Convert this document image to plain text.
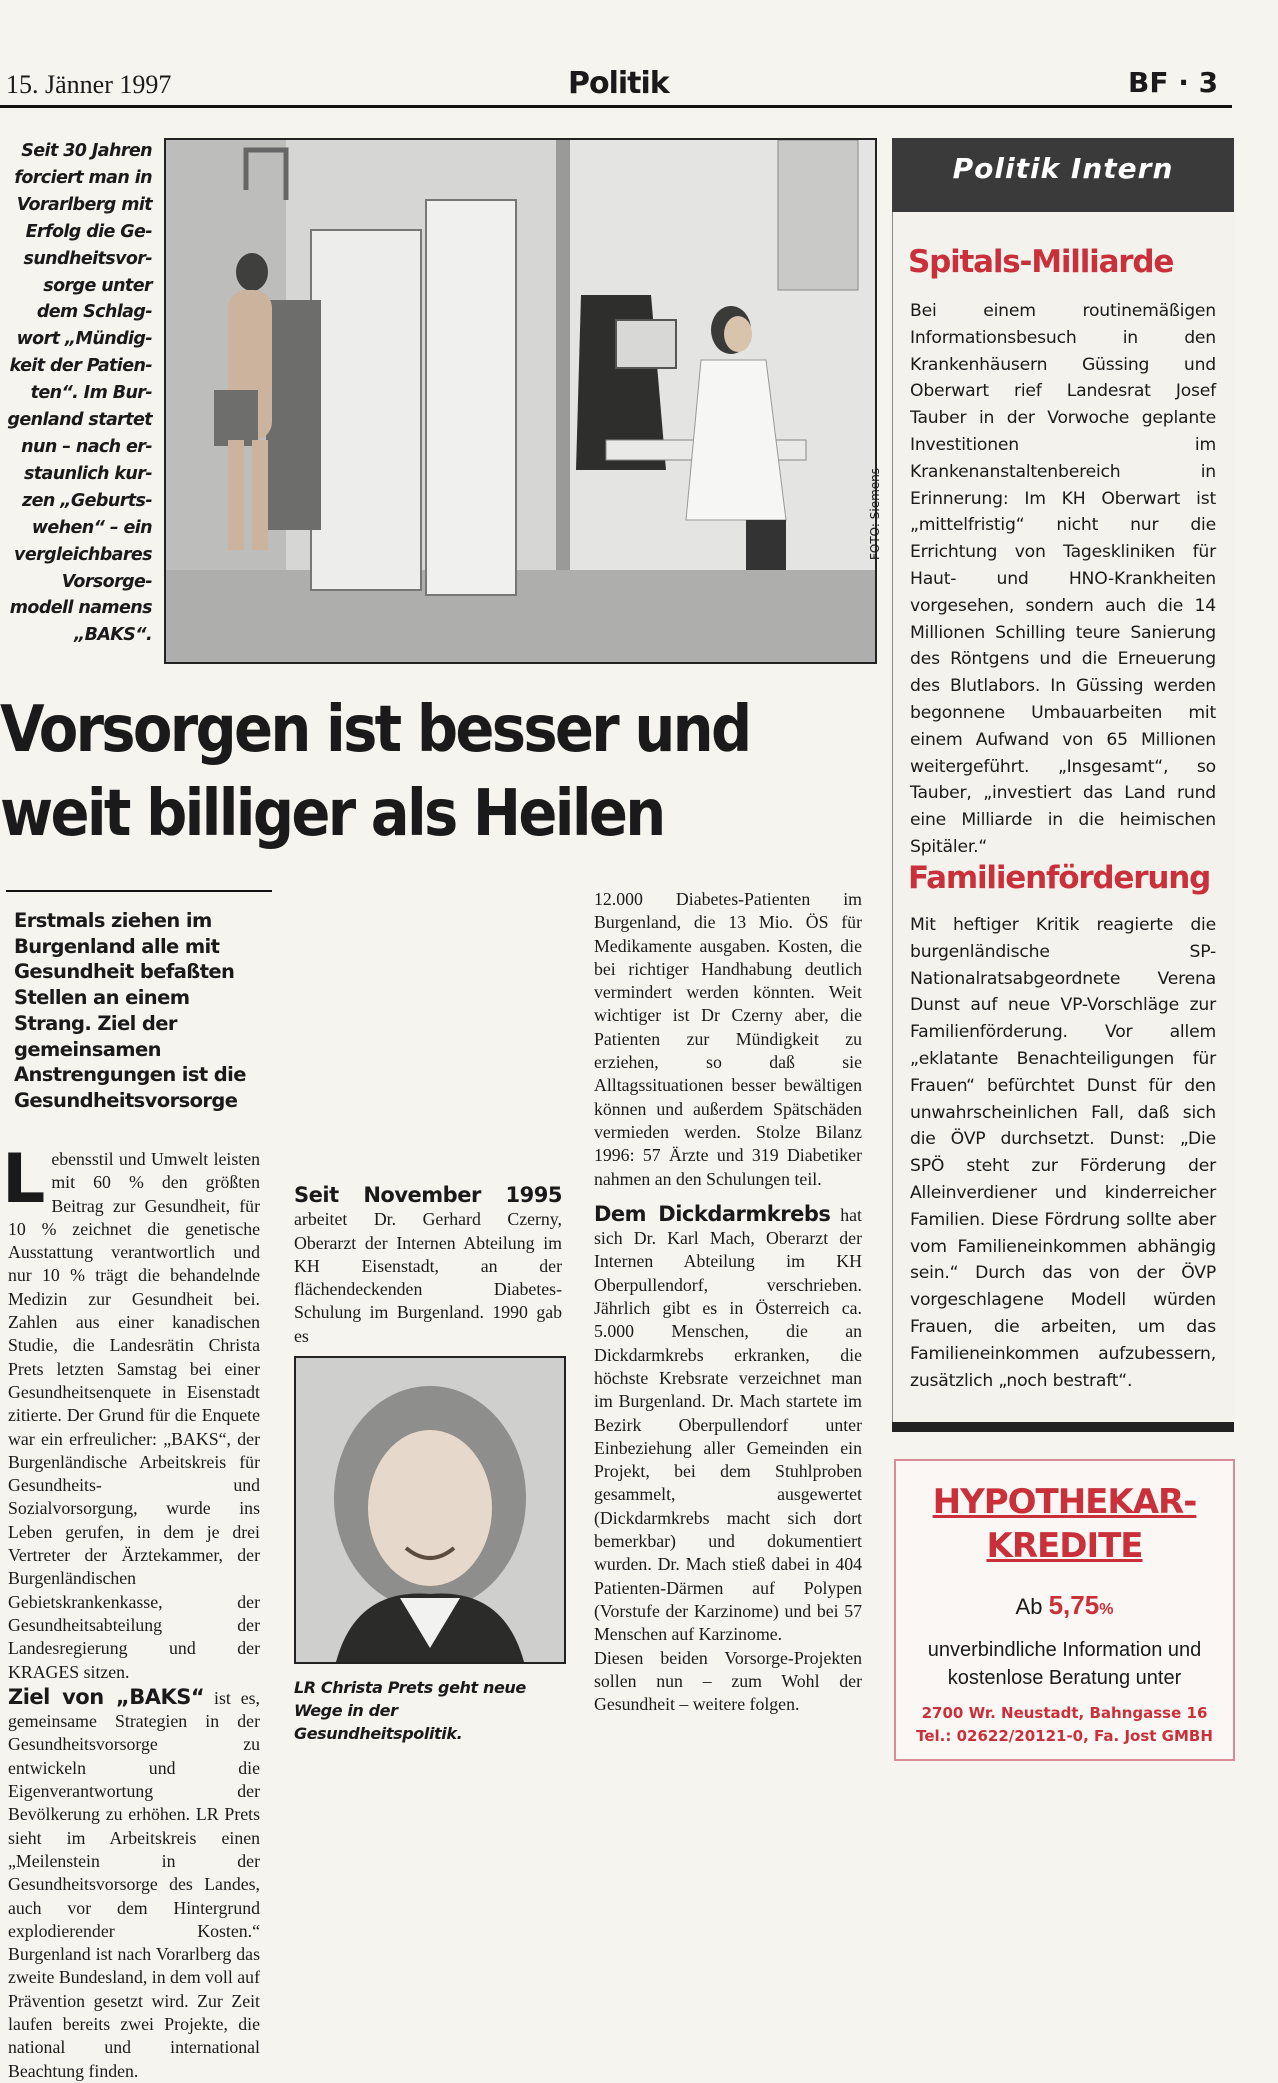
15. Jänner 1997	Politik	BF · 3
Seit 30 Jahren
forciert man in
Vorarlberg mit
Erfolg die Ge-
sundheitsvor-
sorge unter
dem Schlag-
wort „Mündig-
keit der Patien-
ten“. Im Bur-
genland startet
nun – nach er-
staunlich kur-
zen „Geburts-
wehen“ – ein
vergleichbares
Vorsorge-
modell namens
„BAKS“.
FOTO: Siemens
Vorsorgen ist besser und
weit billiger als Heilen
Erstmals ziehen im Burgenland alle mit Gesundheit befaßten Stellen an einem Strang. Ziel der gemeinsamen Anstrengungen ist die Gesundheitsvorsorge

Lebensstil und Umwelt leisten mit 60 % den größten Beitrag zur Gesundheit, für 10 % zeichnet die genetische Ausstattung verantwortlich und nur 10 % trägt die behandelnde Medizin zur Gesundheit bei. Zahlen aus einer kanadischen Studie, die Landesrätin Christa Prets letzten Samstag bei einer Gesundheitsenquete in Eisenstadt zitierte. Der Grund für die Enquete war ein erfreulicher: „BAKS“, der Burgenländische Arbeitskreis für Gesundheits- und Sozialvorsorgung, wurde ins Leben gerufen, in dem je drei Vertreter der Ärztekammer, der Burgenländischen Gebietskrankenkasse, der Gesundheitsabteilung der Landesregierung und der KRAGES sitzen.

Ziel von „BAKS“ ist es, gemeinsame Strategien in der Gesundheitsvorsorge zu entwickeln und die Eigenverantwortung der Bevölkerung zu erhöhen. LR Prets sieht im Arbeitskreis einen „Meilenstein in der Gesundheitsvorsorge des Landes, auch vor dem Hintergrund explodierender Kosten.“ Burgenland ist nach Vorarlberg das zweite Bundesland, in dem voll auf Prävention gesetzt wird. Zur Zeit laufen bereits zwei Projekte, die national und international Beachtung finden.

Seit November 1995 arbeitet Dr. Gerhard Czerny, Oberarzt der Internen Abteilung im KH Eisenstadt, an der flächendeckenden Diabetes-Schulung im Burgenland. 1990 gab es

LR Christa Prets geht neue Wege in der Gesundheitspolitik.

12.000 Diabetes-Patienten im Burgenland, die 13 Mio. ÖS für Medikamente ausgaben. Kosten, die bei richtiger Handhabung deutlich vermindert werden könnten. Weit wichtiger ist Dr Czerny aber, die Patienten zur Mündigkeit zu erziehen, so daß sie Alltagssituationen besser bewältigen können und außerdem Spätschäden vermieden werden. Stolze Bilanz 1996: 57 Ärzte und 319 Diabetiker nahmen an den Schulungen teil.

Dem Dickdarmkrebs hat sich Dr. Karl Mach, Oberarzt der Internen Abteilung im KH Oberpullendorf, verschrieben. Jährlich gibt es in Österreich ca. 5.000 Menschen, die an Dickdarmkrebs erkranken, die höchste Krebsrate verzeichnet man im Burgenland. Dr. Mach startete im Bezirk Oberpullendorf unter Einbeziehung aller Gemeinden ein Projekt, bei dem Stuhlproben gesammelt, ausgewertet (Dickdarmkrebs macht sich dort bemerkbar) und dokumentiert wurden. Dr. Mach stieß dabei in 404 Patienten-Därmen auf Polypen (Vorstufe der Karzinome) und bei 57 Menschen auf Karzinome.

Diesen beiden Vorsorge-Projekten sollen nun – zum Wohl der Gesundheit – weitere folgen.

Politik Intern
Spitals-Milliarde
Bei einem routinemäßigen Informationsbesuch in den Krankenhäusern Güssing und Oberwart rief Landesrat Josef Tauber in der Vorwoche geplante Investitionen im Krankenanstaltenbereich in Erinnerung: Im KH Oberwart ist „mittelfristig“ nicht nur die Errichtung von Tageskliniken für Haut- und HNO-Krankheiten vorgesehen, sondern auch die 14 Millionen Schilling teure Sanierung des Röntgens und die Erneuerung des Blutlabors. In Güssing werden begonnene Umbauarbeiten mit einem Aufwand von 65 Millionen weitergeführt. „Insgesamt“, so Tauber, „investiert das Land rund eine Milliarde in die heimischen Spitäler.“
Familienförderung
Mit heftiger Kritik reagierte die burgenländische SP-Nationalratsabgeordnete Verena Dunst auf neue VP-Vorschläge zur Familienförderung. Vor allem „eklatante Benachteiligungen für Frauen“ befürchtet Dunst für den unwahrscheinlichen Fall, daß sich die ÖVP durchsetzt. Dunst: „Die SPÖ steht zur Förderung der Alleinverdiener und kinderreicher Familien. Diese Fördrung sollte aber vom Familieneinkommen abhängig sein.“ Durch das von der ÖVP vorgeschlagene Modell würden Frauen, die arbeiten, um das Familieneinkommen aufzubessern, zusätzlich „noch bestraft“.
HYPOTHEKAR-
KREDITE
Ab 5,75%
unverbindliche Information und kostenlose Beratung unter
2700 Wr. Neustadt, Bahngasse 16
Tel.: 02622/20121-0, Fa. Jost GMBH
